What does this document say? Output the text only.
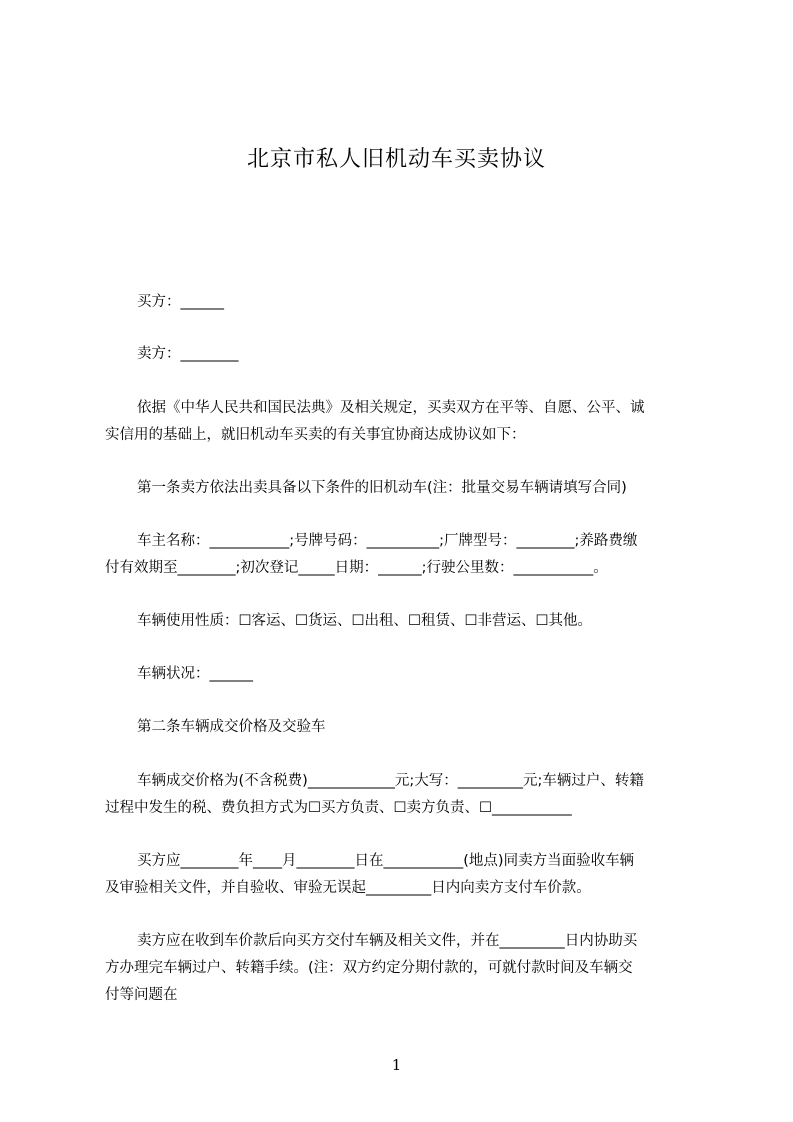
北京市私人旧机动车买卖协议
买方：______
卖方：________
依据《中华人民共和国民法典》及相关规定，买卖双方在平等、自愿、公平、诚
实信用的基础上，就旧机动车买卖的有关事宜协商达成协议如下：
第一条卖方依法出卖具备以下条件的旧机动车(注：批量交易车辆请填写合同)
车主名称：___________;号牌号码：__________;厂牌型号：________;养路费缴
付有效期至________;初次登记_____日期：______;行驶公里数：___________。
车辆使用性质：☐客运、☐货运、☐出租、☐租赁、☐非营运、☐其他。
车辆状况：______
第二条车辆成交价格及交验车
车辆成交价格为(不含税费)____________元;大写：_________元;车辆过户、转籍
过程中发生的税、费负担方式为☐买方负责、☐卖方负责、☐___________
买方应________年____月________日在___________(地点)同卖方当面验收车辆
及审验相关文件，并自验收、审验无误起_________日内向卖方支付车价款。
卖方应在收到车价款后向买方交付车辆及相关文件，并在_________日内协助买
方办理完车辆过户、转籍手续。(注：双方约定分期付款的，可就付款时间及车辆交
付等问题在
1
